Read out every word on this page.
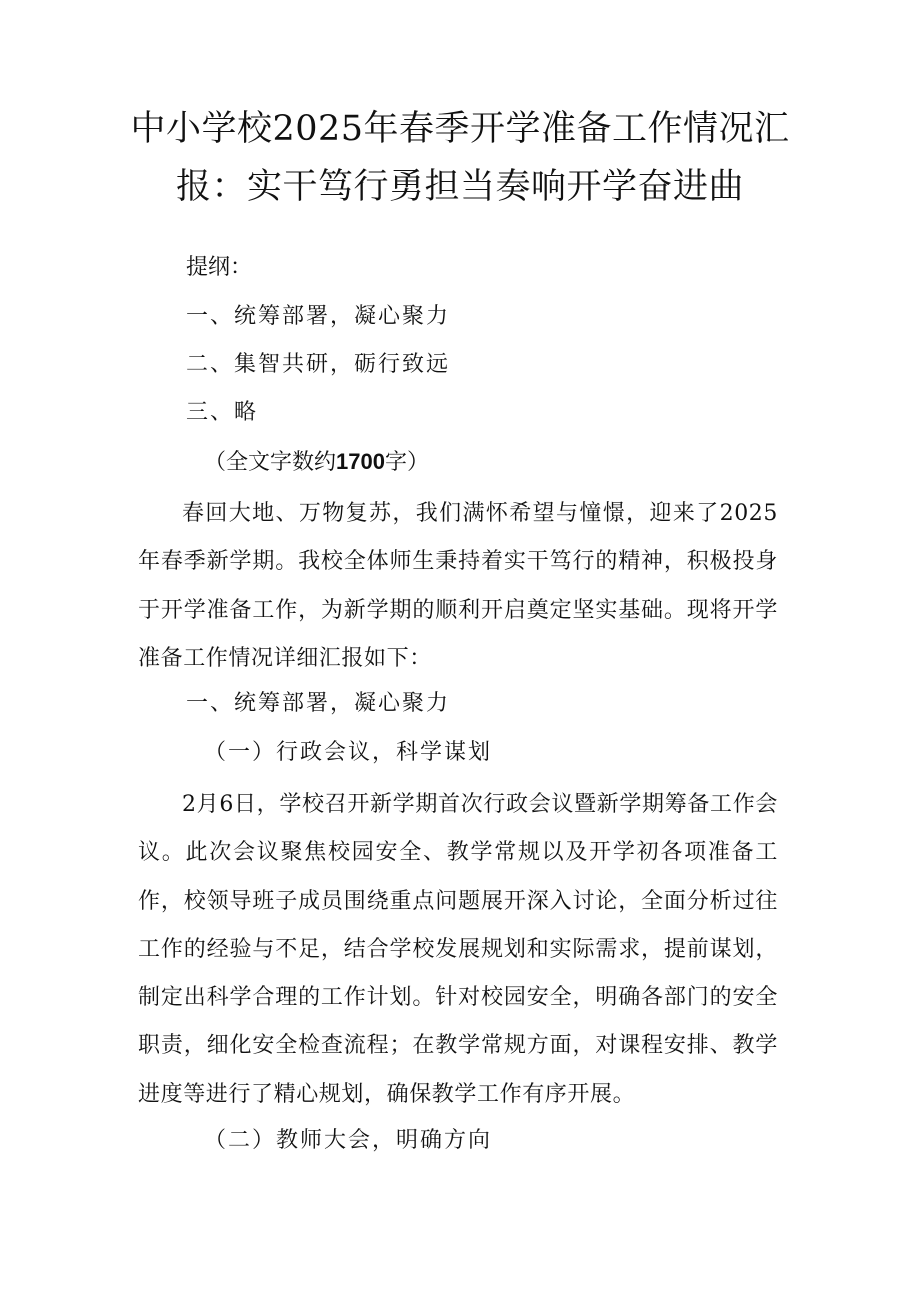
中小学校2025年春季开学准备工作情况汇
报：实干笃行勇担当奏响开学奋进曲
提纲：
一、统筹部署，凝心聚力
二、集智共研，砺行致远
三、略
（全文字数约1700字）
春回大地、万物复苏，我们满怀希望与憧憬，迎来了2025年春季新学期。我校全体师生秉持着实干笃行的精神，积极投身于开学准备工作，为新学期的顺利开启奠定坚实基础。现将开学准备工作情况详细汇报如下：
一、统筹部署，凝心聚力
（一）行政会议，科学谋划
2月6日，学校召开新学期首次行政会议暨新学期筹备工作会议。此次会议聚焦校园安全、教学常规以及开学初各项准备工作，校领导班子成员围绕重点问题展开深入讨论，全面分析过往工作的经验与不足，结合学校发展规划和实际需求，提前谋划，制定出科学合理的工作计划。针对校园安全，明确各部门的安全职责，细化安全检查流程；在教学常规方面，对课程安排、教学进度等进行了精心规划，确保教学工作有序开展。
（二）教师大会，明确方向
